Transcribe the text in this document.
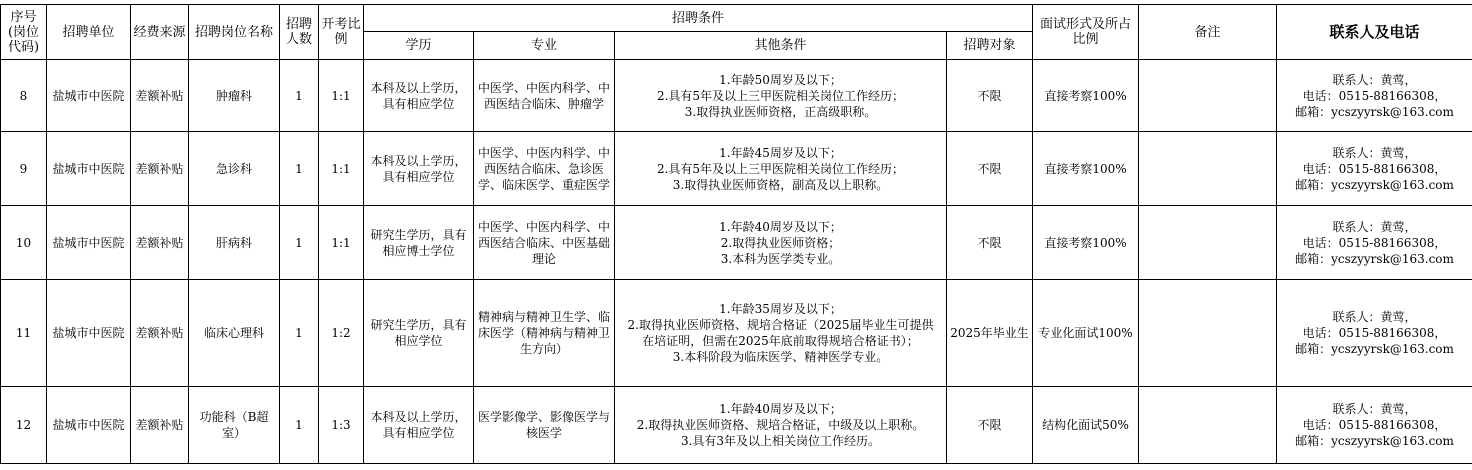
序号(岗位代码)	招聘单位	经费来源	招聘岗位名称	招聘人数	开考比例	招聘条件				面试形式及所占比例	备注	联系人及电话
						学历	专业	其他条件	招聘对象			
8	盐城市中医院	差额补贴	肿瘤科	1	1:1	本科及以上学历，具有相应学位	中医学、中医内科学、中西医结合临床、肿瘤学	1.年龄50周岁及以下；
2.具有5年及以上三甲医院相关岗位工作经历；
3.取得执业医师资格，正高级职称。	不限	直接考察100%		联系人：黄莺，
电话：0515-88166308，
邮箱：ycszyyrsk@163.com

9	盐城市中医院	差额补贴	急诊科	1	1:1	本科及以上学历，具有相应学位	中医学、中医内科学、中西医结合临床、急诊医学、临床医学、重症医学	1.年龄45周岁及以下；
2.具有5年及以上三甲医院相关岗位工作经历；
3.取得执业医师资格，副高及以上职称。	不限	直接考察100%		联系人：黄莺，
电话：0515-88166308，
邮箱：ycszyyrsk@163.com

10	盐城市中医院	差额补贴	肝病科	1	1:1	研究生学历，具有相应博士学位	中医学、中医内科学、中西医结合临床、中医基础理论	1.年龄40周岁及以下；
2.取得执业医师资格；
3.本科为医学类专业。	不限	直接考察100%		联系人：黄莺，
电话：0515-88166308，
邮箱：ycszyyrsk@163.com

11	盐城市中医院	差额补贴	临床心理科	1	1:2	研究生学历，具有相应学位	精神病与精神卫生学、临床医学（精神病与精神卫生方向）	1.年龄35周岁及以下；
2.取得执业医师资格、规培合格证（2025届毕业生可提供
在培证明，但需在2025年底前取得规培合格证书）；
3.本科阶段为临床医学、精神医学专业。	2025年毕业生	专业化面试100%		联系人：黄莺，
电话：0515-88166308，
邮箱：ycszyyrsk@163.com

12	盐城市中医院	差额补贴	功能科（B超室）	1	1:3	本科及以上学历，具有相应学位	医学影像学、影像医学与核医学	1.年龄40周岁及以下；
2.取得执业医师资格、规培合格证，中级及以上职称。
3.具有3年及以上相关岗位工作经历。	不限	结构化面试50%		联系人：黄莺，
电话：0515-88166308，
邮箱：ycszyyrsk@163.com
